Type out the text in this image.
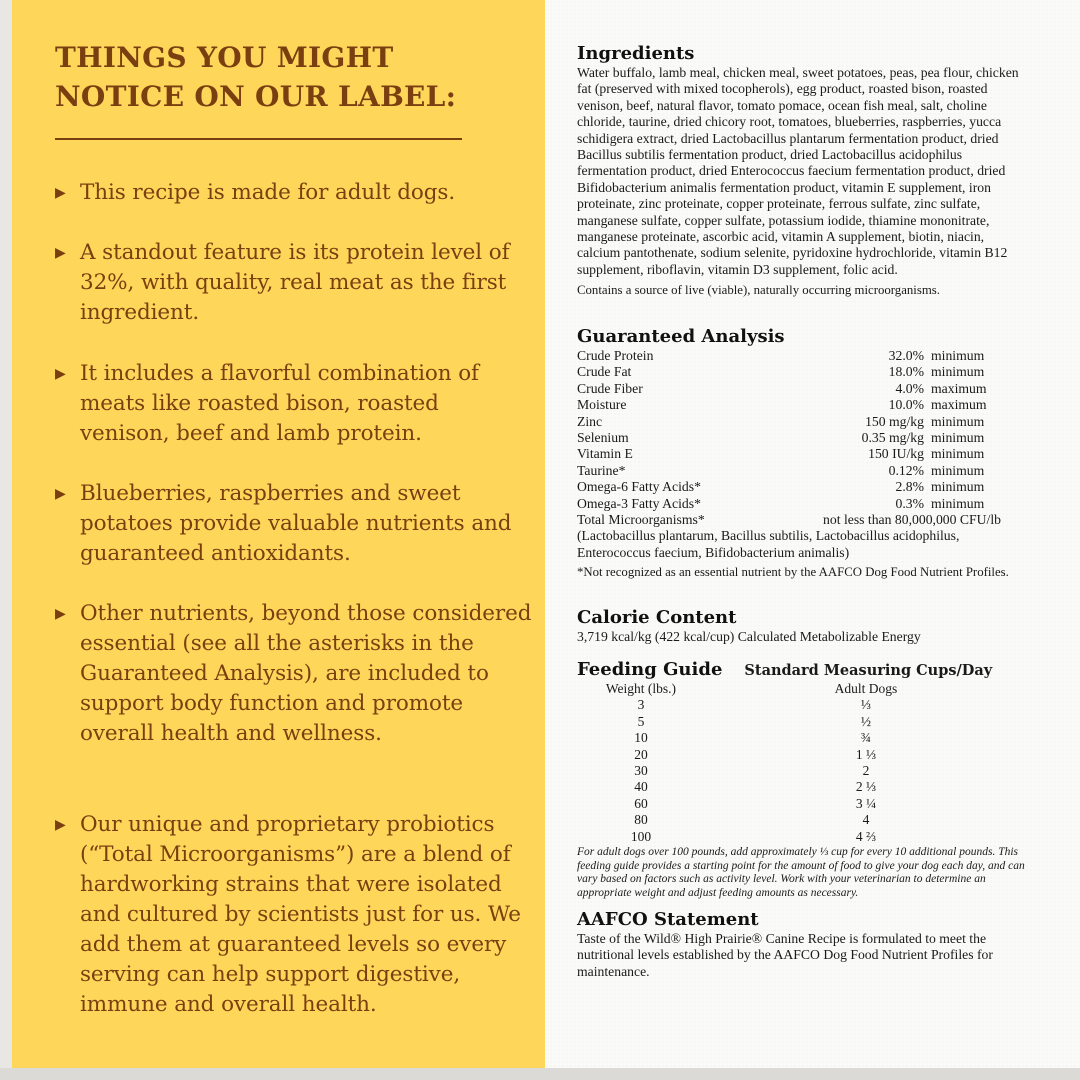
THINGS YOU MIGHT
NOTICE ON OUR LABEL:
▶ This recipe is made for adult dogs.
▶ A standout feature is its protein level of 32%, with quality, real meat as the first ingredient.
▶ It includes a flavorful combination of meats like roasted bison, roasted venison, beef and lamb protein.
▶ Blueberries, raspberries and sweet potatoes provide valuable nutrients and guaranteed antioxidants.
▶ Other nutrients, beyond those considered essential (see all the asterisks in the Guaranteed Analysis), are included to support body function and promote overall health and wellness.
▶ Our unique and proprietary probiotics (“Total Microorganisms”) are a blend of hardworking strains that were isolated and cultured by scientists just for us. We add them at guaranteed levels so every serving can help support digestive, immune and overall health.
Ingredients
Water buffalo, lamb meal, chicken meal, sweet potatoes, peas, pea flour, chicken fat (preserved with mixed tocopherols), egg product, roasted bison, roasted venison, beef, natural flavor, tomato pomace, ocean fish meal, salt, choline chloride, taurine, dried chicory root, tomatoes, blueberries, raspberries, yucca schidigera extract, dried Lactobacillus plantarum fermentation product, dried Bacillus subtilis fermentation product, dried Lactobacillus acidophilus fermentation product, dried Enterococcus faecium fermentation product, dried Bifidobacterium animalis fermentation product, vitamin E supplement, iron proteinate, zinc proteinate, copper proteinate, ferrous sulfate, zinc sulfate, manganese sulfate, copper sulfate, potassium iodide, thiamine mononitrate, manganese proteinate, ascorbic acid, vitamin A supplement, biotin, niacin, calcium pantothenate, sodium selenite, pyridoxine hydrochloride, vitamin B12 supplement, riboflavin, vitamin D3 supplement, folic acid.
Contains a source of live (viable), naturally occurring microorganisms.
Guaranteed Analysis
Crude Protein	32.0%	minimum
Crude Fat	18.0%	minimum
Crude Fiber	4.0%	maximum
Moisture	10.0%	maximum
Zinc	150 mg/kg	minimum
Selenium	0.35 mg/kg	minimum
Vitamin E	150 IU/kg	minimum
Taurine*	0.12%	minimum
Omega-6 Fatty Acids*	2.8%	minimum
Omega-3 Fatty Acids*	0.3%	minimum
Total Microorganisms*	not less than 80,000,000 CFU/lb
(Lactobacillus plantarum, Bacillus subtilis, Lactobacillus acidophilus, Enterococcus faecium, Bifidobacterium animalis)
*Not recognized as an essential nutrient by the AAFCO Dog Food Nutrient Profiles.
Calorie Content
3,719 kcal/kg (422 kcal/cup) Calculated Metabolizable Energy
Feeding Guide Standard Measuring Cups/Day
Weight (lbs.)	Adult Dogs
3	⅓
5	½
10	¾
20	1 ⅓
30	2
40	2 ⅓
60	3 ¼
80	4
100	4 ⅔
For adult dogs over 100 pounds, add approximately ⅓ cup for every 10 additional pounds. This feeding guide provides a starting point for the amount of food to give your dog each day, and can vary based on factors such as activity level. Work with your veterinarian to determine an appropriate weight and adjust feeding amounts as necessary.
AAFCO Statement
Taste of the Wild® High Prairie® Canine Recipe is formulated to meet the nutritional levels established by the AAFCO Dog Food Nutrient Profiles for maintenance.
